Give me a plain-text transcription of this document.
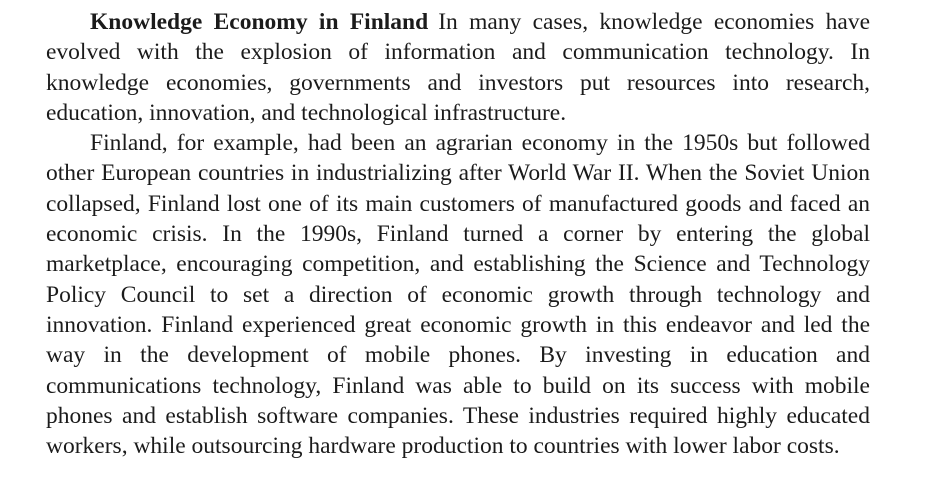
Knowledge Economy in Finland In many cases, knowledge economies have evolved with the explosion of information and communication technology. In knowledge economies, governments and investors put resources into research, education, innovation, and technological infrastructure.

Finland, for example, had been an agrarian economy in the 1950s but followed other European countries in industrializing after World War II. When the Soviet Union collapsed, Finland lost one of its main customers of manufactured goods and faced an economic crisis. In the 1990s, Finland turned a corner by entering the global marketplace, encouraging competition, and establishing the Science and Technology Policy Council to set a direction of economic growth through technology and innovation. Finland experienced great economic growth in this endeavor and led the way in the development of mobile phones. By investing in education and communications technology, Finland was able to build on its success with mobile phones and establish software companies. These industries required highly educated workers, while outsourcing hardware production to countries with lower labor costs.
